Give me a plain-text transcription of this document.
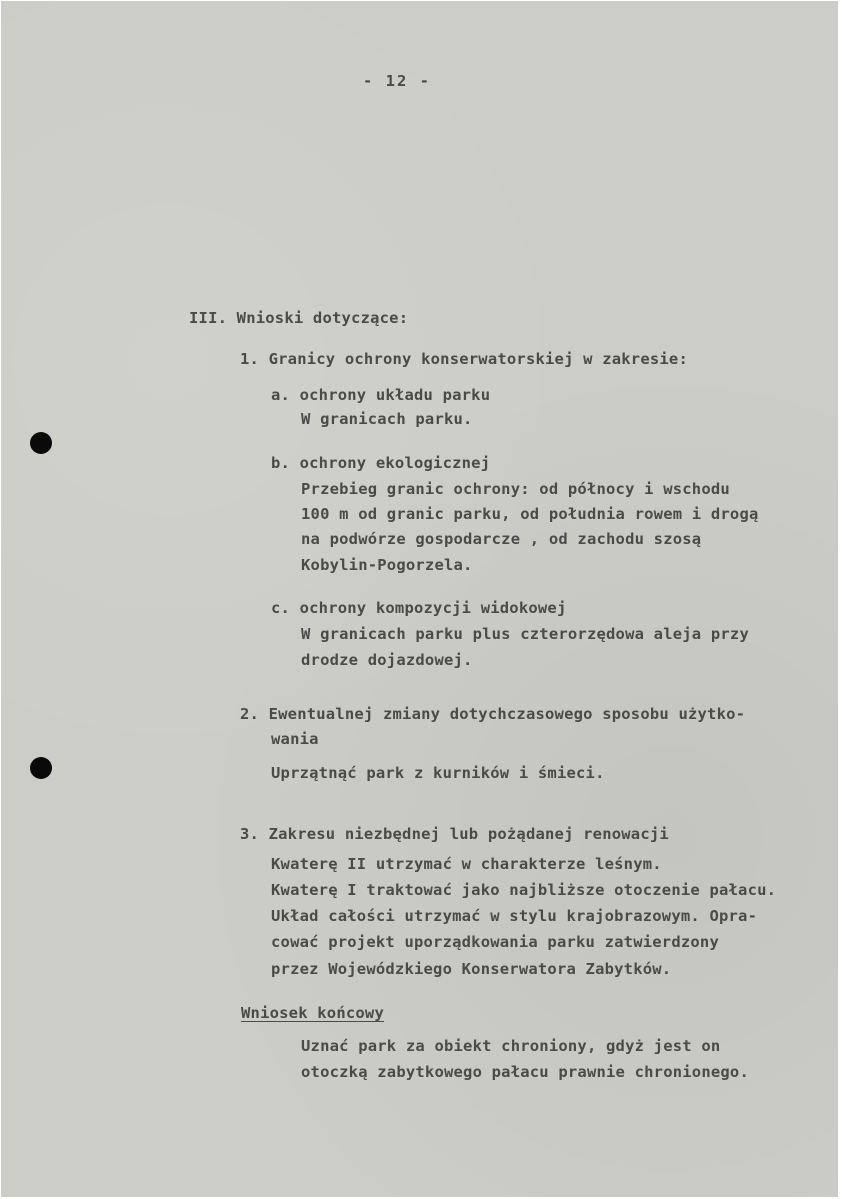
- 12 -
III. Wnioski dotyczące:
1. Granicy ochrony konserwatorskiej w zakresie:
a. ochrony układu parku
W granicach parku.
b. ochrony ekologicznej
Przebieg granic ochrony: od północy i wschodu
100 m od granic parku, od południa rowem i drogą
na podwórze gospodarcze , od zachodu szosą
Kobylin-Pogorzela.
c. ochrony kompozycji widokowej
W granicach parku plus czterorzędowa aleja przy
drodze dojazdowej.
2. Ewentualnej zmiany dotychczasowego sposobu użytko-
wania
Uprzątnąć park z kurników i śmieci.
3. Zakresu niezbędnej lub pożądanej renowacji
Kwaterę II utrzymać w charakterze leśnym.
Kwaterę I traktować jako najbliższe otoczenie pałacu.
Układ całości utrzymać w stylu krajobrazowym. Opra-
cować projekt uporządkowania parku zatwierdzony
przez Wojewódzkiego Konserwatora Zabytków.
Wniosek końcowy
Uznać park za obiekt chroniony, gdyż jest on
otoczką zabytkowego pałacu prawnie chronionego.
